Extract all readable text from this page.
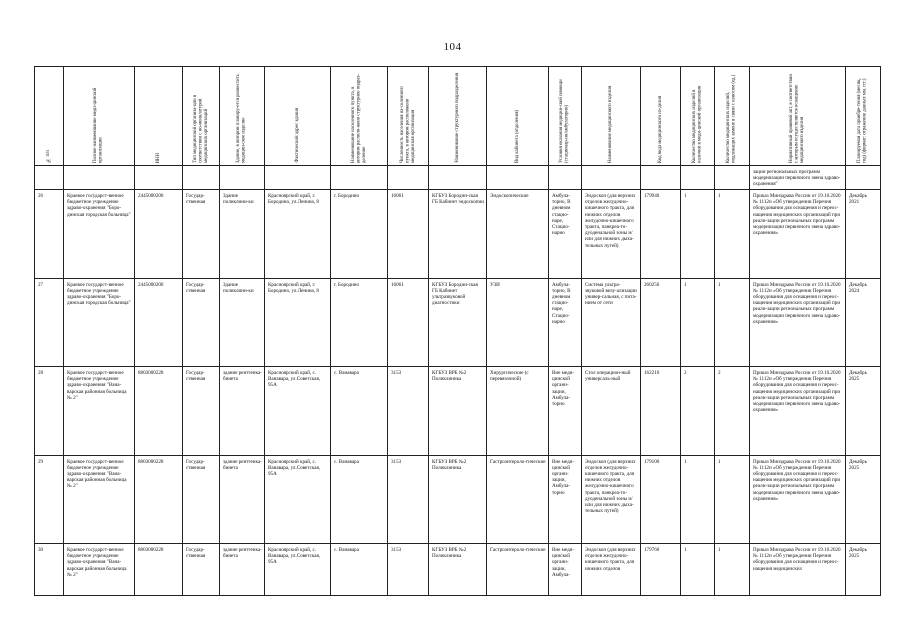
104
№ п/п	Полное наименование меди-цинской организации	ИНН	Тип медицинской организа-ции в соответствии с но-менклатурой медицинских организаций	Здание, в котором планиру-ется разместить медицин-ское изделие	Фактический адрес здания	Наименование населенного пункта, в котором располо-жено структурное подраз-деление	Численность населения на-селенного пункта, в котором расположено медицинская организация	Наименование структурного подразделения	Вид кабинета (отделения)	Условия оказания медицин-ской помощи (стационар-но/амбулаторно)	Наименование медицинского изделия	Код вида медицинского из-делия	Количество медицинских изделий в наличии в меди-цинской организации	Количество медицинских изделий, подлежащих замене в связи с износом (ед.)	Нормативный правовой акт, в соответствии с которым осуществляется оснащение медицинского изделия	Планируемая дата приобре-тения (месяц, год) (формат: отражение данных мм. ггг.)

															зации региональных программ модернизации первичного звена здраво-охранения"	
26	Краевое государст-венное бюджетное учреждение здраво-охранения "Боро-динская городская больница"	2445000200	Государ-ственная	Здание поликлини-ки	Красноярский край, г. Бородино, ул.Ленина, 8	г. Бородино	16061	КГБУЗ Бородин-ская ГБ Кабинет эндоскопии	Эндоскопические	Амбула-торно, В дневном стацио-наре, Стацио-нарно	Эндоскоп (для верхних отделов желудочно-кишечного тракта, для нижних отделов желудочно-кишечного тракта, панкреа-то-дуоденальной зоны и/или для нижних дыха-тельных путей)	179940	1	1	Приказ Минздрава России от 19.10.2020 № 1112н «Об утверждении Перечня оборудования для оснащения и переос-нащения медицинских организаций при реали-зации региональных программ модернизации первичного звена здраво-охранения»	Декабрь 2021
27	Краевое государст-венное бюджетное учреждение здраво-охранения "Боро-динская городская больница"	2445000200	Государ-ственная	Здание поликлини-ки	Красноярский край, г. Бородино, ул.Ленина, 8	г. Бородино	16061	КГБУЗ Бородин-ская ГБ Кабинет ультразвуковой диагностики	УЗИ	Амбула-торно, В дневном стацио-наре, Стацио-нарно	Система ультра-звуковой визу-ализации универ-сальная, с пита-нием от сети	260250	1	1	Приказ Минздрава России от 19.10.2020 № 1112н «Об утверждении Перечня оборудования для оснащения и переос-нащения медицинских организаций при реали-зации региональных программ модернизации первичного звена здраво-охранения»	Декабрь 2024
28	Краевое государст-венное бюджетное учреждение здраво-охранения "Вана-варская районная больница № 2"	8803000228	Государ-ственная	здание рентгенка-бинета	Красноярский край, с. Ванавара, ул.Советская, 95А	с. Ванавара	3153	КГБУЗ ВРБ №2 Поликлиника	Хирургические (с перевязочной)	Вне меди-цинской органи-зации, Амбула-торно	Стол операцион-ный универсаль-ный	162210	2	2	Приказ Минздрава России от 19.10.2020 № 1112н «Об утверждении Перечня оборудования для оснащения и переос-нащения медицинских организаций при реали-зации региональных программ модернизации первичного звена здраво-охранения»	Декабрь 2025
29	Краевое государст-венное бюджетное учреждение здраво-охранения "Вана-варская районная больница № 2"	8803000228	Государ-ственная	здание рентгенка-бинета	Красноярский край, с. Ванавара, ул.Советская, 95А	с. Ванавара	3153	КГБУЗ ВРБ №2 Поликлиника	Гастроэнтероло-гические	Вне меди-цинской органи-зации, Амбула-торно	Эндоскоп (для верхних отделов желудочно-кишечного тракта, для нижних отделов желудочно-кишечного тракта, панкреа-то-дуоденальной зоны и/или для нижних дыха-тельных путей)	179100	1	1	Приказ Минздрава России от 19.10.2020 № 1112н «Об утверждении Перечня оборудования для оснащения и переос-нащения медицинских организаций при реали-зации региональных программ модернизации первичного звена здраво-охранения»	Декабрь 2025
30	Краевое государст-венное бюджетное учреждение здраво-охранения "Вана-варская районная больница № 2"	8803000228	Государ-ственная	здание рентгенка-бинета	Красноярский край, с. Ванавара, ул.Советская, 95А	с. Ванавара	3153	КГБУЗ ВРБ №2 Поликлиника	Гастроэнтероло-гические	Вне меди-цинской органи-зации, Амбула-	Эндоскоп (для верхних отделов желудочно-кишечного тракта, для нижних отделов	179760	1	1	Приказ Минздрава России от 19.10.2020 № 1112н «Об утверждении Перечня оборудования для оснащения и переос-нащения медицинских	Декабрь 2025
